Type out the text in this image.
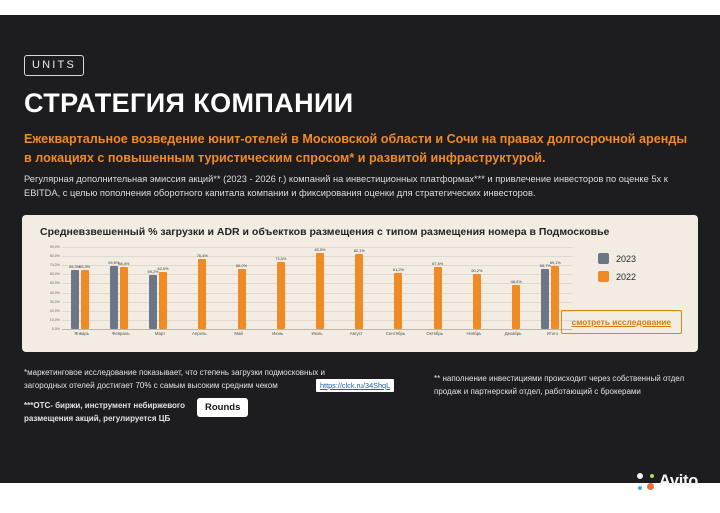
UNITS
СТРАТЕГИЯ КОМПАНИИ
Ежеквартальное возведение юнит-отелей в Московской области и Сочи на правах долгосрочной аренды в локациях с повышенным туристическим спросом* и развитой инфраструктурой.
Регулярная дополнительная эмиссия акций** (2023 - 2026 г.) компаний на инвестиционных платформах*** и привлечение инвесторов по оценке 5x к EBITDA, с целью пополнения оборотного капитала компании и фиксирования оценки для стратегических инвесторов.
Средневзвешенный % загрузки и ADR и объектков размещения с типом размещения номера в Подмосковье
90,0%
80,0%
70,0%
60,0%
50,0%
40,0%
30,0%
20,0%
10,0%
0,0%
Январь
65,3%
65,3%
Февраль
69,6%
68,4%
Март
59,2%
62,6%
Апрель
76,4%
Май
66,0%
Июнь
73,5%
Июль
83,5%
Август
82,1%
Сентябрь
61,2%
Октябрь
67,6%
Ноябрь
60,2%
Декабрь
48,0%
Итого
65,7%
69,1%	2023
2022
смотреть исследование
*маркетинговое исследование показывает, что степень загрузки подмосковных и загородных отелей достигает 70% с самым высоким средним чеком	https://clck.ru/34ShqL
***ОТС- биржи, инструмент небиржевого размещения акций, регулируется ЦБ
Rounds
** наполнение инвестициями происходит через собственный отдел продаж и партнерский отдел, работающий с брокерами
Avito
